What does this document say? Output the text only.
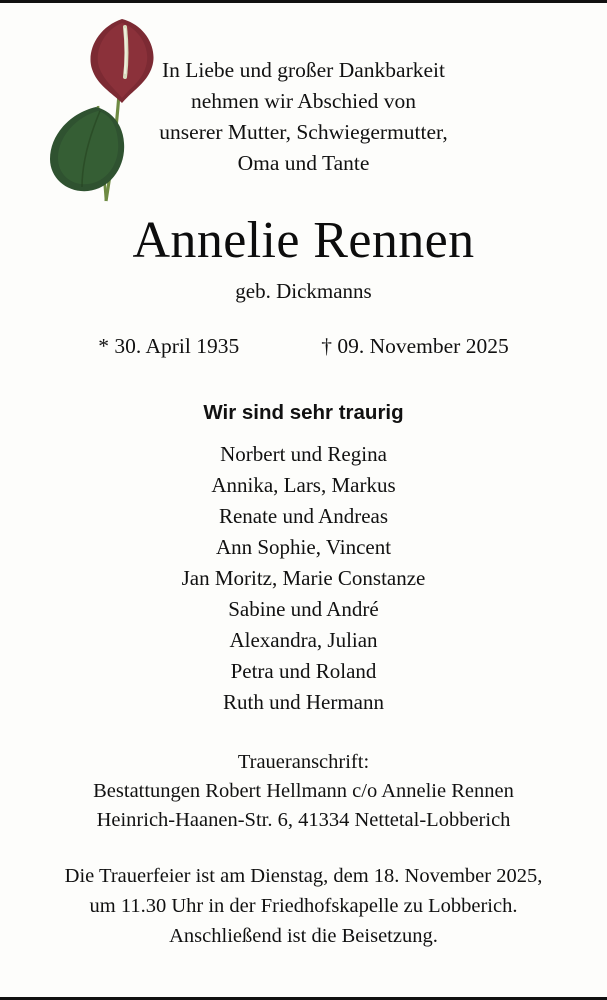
In Liebe und großer Dankbarkeit
nehmen wir Abschied von
unserer Mutter, Schwiegermutter,
Oma und Tante
Annelie Rennen
geb. Dickmanns
* 30. April 1935	† 09. November 2025
Wir sind sehr traurig
Norbert und Regina
Annika, Lars, Markus
Renate und Andreas
Ann Sophie, Vincent
Jan Moritz, Marie Constanze
Sabine und André
Alexandra, Julian
Petra und Roland
Ruth und Hermann
Traueranschrift:
Bestattungen Robert Hellmann c/o Annelie Rennen
Heinrich-Haanen-Str. 6, 41334 Nettetal-Lobberich
Die Trauerfeier ist am Dienstag, dem 18. November 2025,
um 11.30 Uhr in der Friedhofskapelle zu Lobberich.
Anschließend ist die Beisetzung.
